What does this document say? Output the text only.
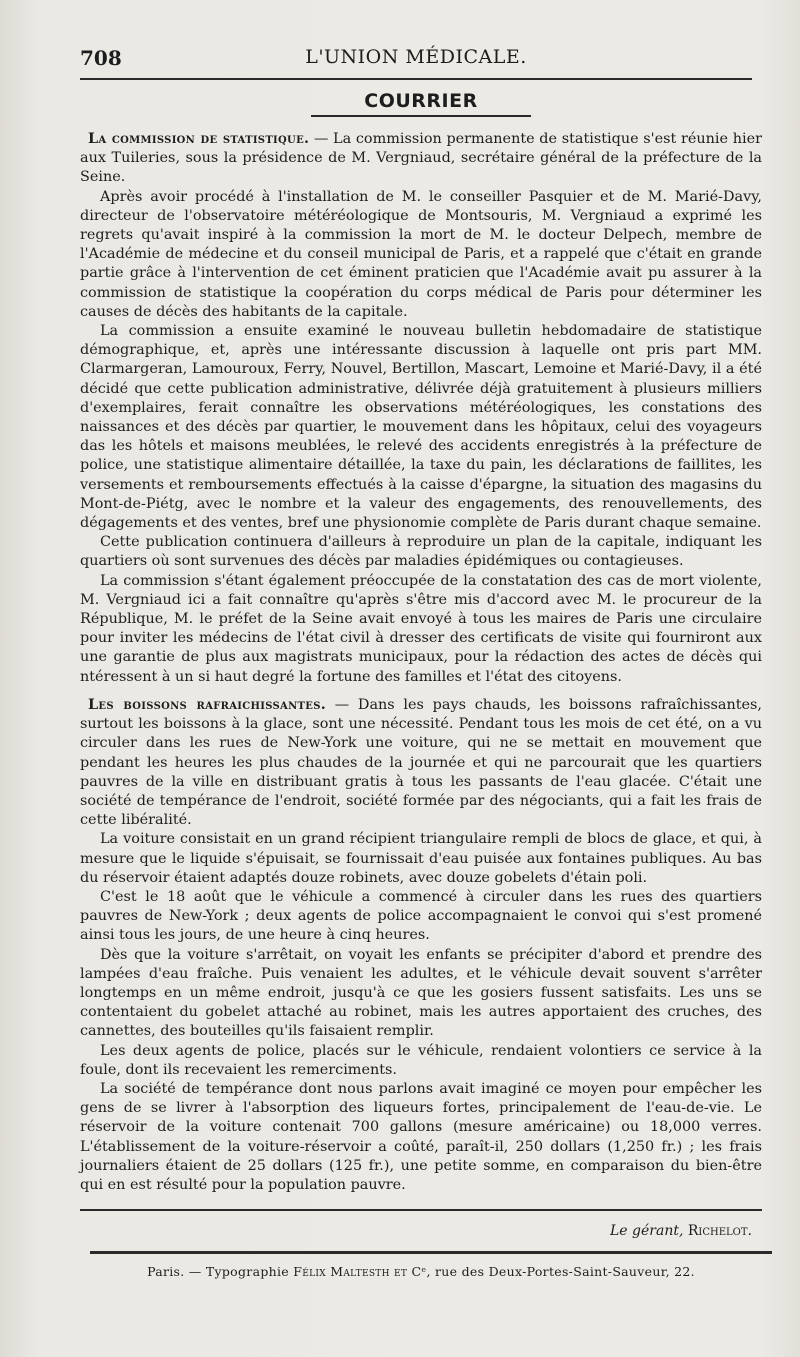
708	L'UNION MÉDICALE.
COURRIER

La commission de statistique. — La commission permanente de statistique s'est réunie hier aux Tuileries, sous la présidence de M. Vergniaud, secrétaire général de la préfecture de la Seine.

Après avoir procédé à l'installation de M. le conseiller Pasquier et de M. Marié-Davy, directeur de l'observatoire météréologique de Montsouris, M. Vergniaud a exprimé les regrets qu'avait inspiré à la commission la mort de M. le docteur Delpech, membre de l'Académie de médecine et du conseil municipal de Paris, et a rappelé que c'était en grande partie grâce à l'intervention de cet éminent praticien que l'Académie avait pu assurer à la commission de statistique la coopération du corps médical de Paris pour déterminer les causes de décès des habitants de la capitale.

La commission a ensuite examiné le nouveau bulletin hebdomadaire de statistique démographique, et, après une intéressante discussion à laquelle ont pris part MM. Clarmargeran, Lamouroux, Ferry, Nouvel, Bertillon, Mascart, Lemoine et Marié-Davy, il a été décidé que cette publication administrative, délivrée déjà gratuitement à plusieurs milliers d'exemplaires, ferait connaître les observations météréologiques, les constations des naissances et des décès par quartier, le mouvement dans les hôpitaux, celui des voyageurs das les hôtels et maisons meublées, le relevé des accidents enregistrés à la préfecture de police, une statistique alimentaire détaillée, la taxe du pain, les déclarations de faillites, les versements et remboursements effectués à la caisse d'épargne, la situation des magasins du Mont-de-Piétg, avec le nombre et la valeur des engagements, des renouvellements, des dégagements et des ventes, bref une physionomie complète de Paris durant chaque semaine.

Cette publication continuera d'ailleurs à reproduire un plan de la capitale, indiquant les quartiers où sont survenues des décès par maladies épidémiques ou contagieuses.

La commission s'étant également préoccupée de la constatation des cas de mort violente, M. Vergniaud ici a fait connaître qu'après s'être mis d'accord avec M. le procureur de la République, M. le préfet de la Seine avait envoyé à tous les maires de Paris une circulaire pour inviter les médecins de l'état civil à dresser des certificats de visite qui fourniront aux une garantie de plus aux magistrats municipaux, pour la rédaction des actes de décès qui ntéressent à un si haut degré la fortune des familles et l'état des citoyens.

Les boissons rafraichissantes. — Dans les pays chauds, les boissons rafraîchissantes, surtout les boissons à la glace, sont une nécessité. Pendant tous les mois de cet été, on a vu circuler dans les rues de New-York une voiture, qui ne se mettait en mouvement que pendant les heures les plus chaudes de la journée et qui ne parcourait que les quartiers pauvres de la ville en distribuant gratis à tous les passants de l'eau glacée. C'était une société de tempérance de l'endroit, société formée par des négociants, qui a fait les frais de cette libéralité.

La voiture consistait en un grand récipient triangulaire rempli de blocs de glace, et qui, à mesure que le liquide s'épuisait, se fournissait d'eau puisée aux fontaines publiques. Au bas du réservoir étaient adaptés douze robinets, avec douze gobelets d'étain poli.

C'est le 18 août que le véhicule a commencé à circuler dans les rues des quartiers pauvres de New-York ; deux agents de police accompagnaient le convoi qui s'est promené ainsi tous les jours, de une heure à cinq heures.

Dès que la voiture s'arrêtait, on voyait les enfants se précipiter d'abord et prendre des lampées d'eau fraîche. Puis venaient les adultes, et le véhicule devait souvent s'arrêter longtemps en un même endroit, jusqu'à ce que les gosiers fussent satisfaits. Les uns se contentaient du gobelet attaché au robinet, mais les autres apportaient des cruches, des cannettes, des bouteilles qu'ils faisaient remplir.

Les deux agents de police, placés sur le véhicule, rendaient volontiers ce service à la foule, dont ils recevaient les remerciments.

La société de tempérance dont nous parlons avait imaginé ce moyen pour empêcher les gens de se livrer à l'absorption des liqueurs fortes, principalement de l'eau-de-vie. Le réservoir de la voiture contenait 700 gallons (mesure américaine) ou 18,000 verres. L'établissement de la voiture-réservoir a coûté, paraît-il, 250 dollars (1,250 fr.) ; les frais journaliers étaient de 25 dollars (125 fr.), une petite somme, en comparaison du bien-être qui en est résulté pour la population pauvre.

Le gérant, Richelot.
Paris. — Typographie Félix Maltesth et Cᵉ, rue des Deux-Portes-Saint-Sauveur, 22.
